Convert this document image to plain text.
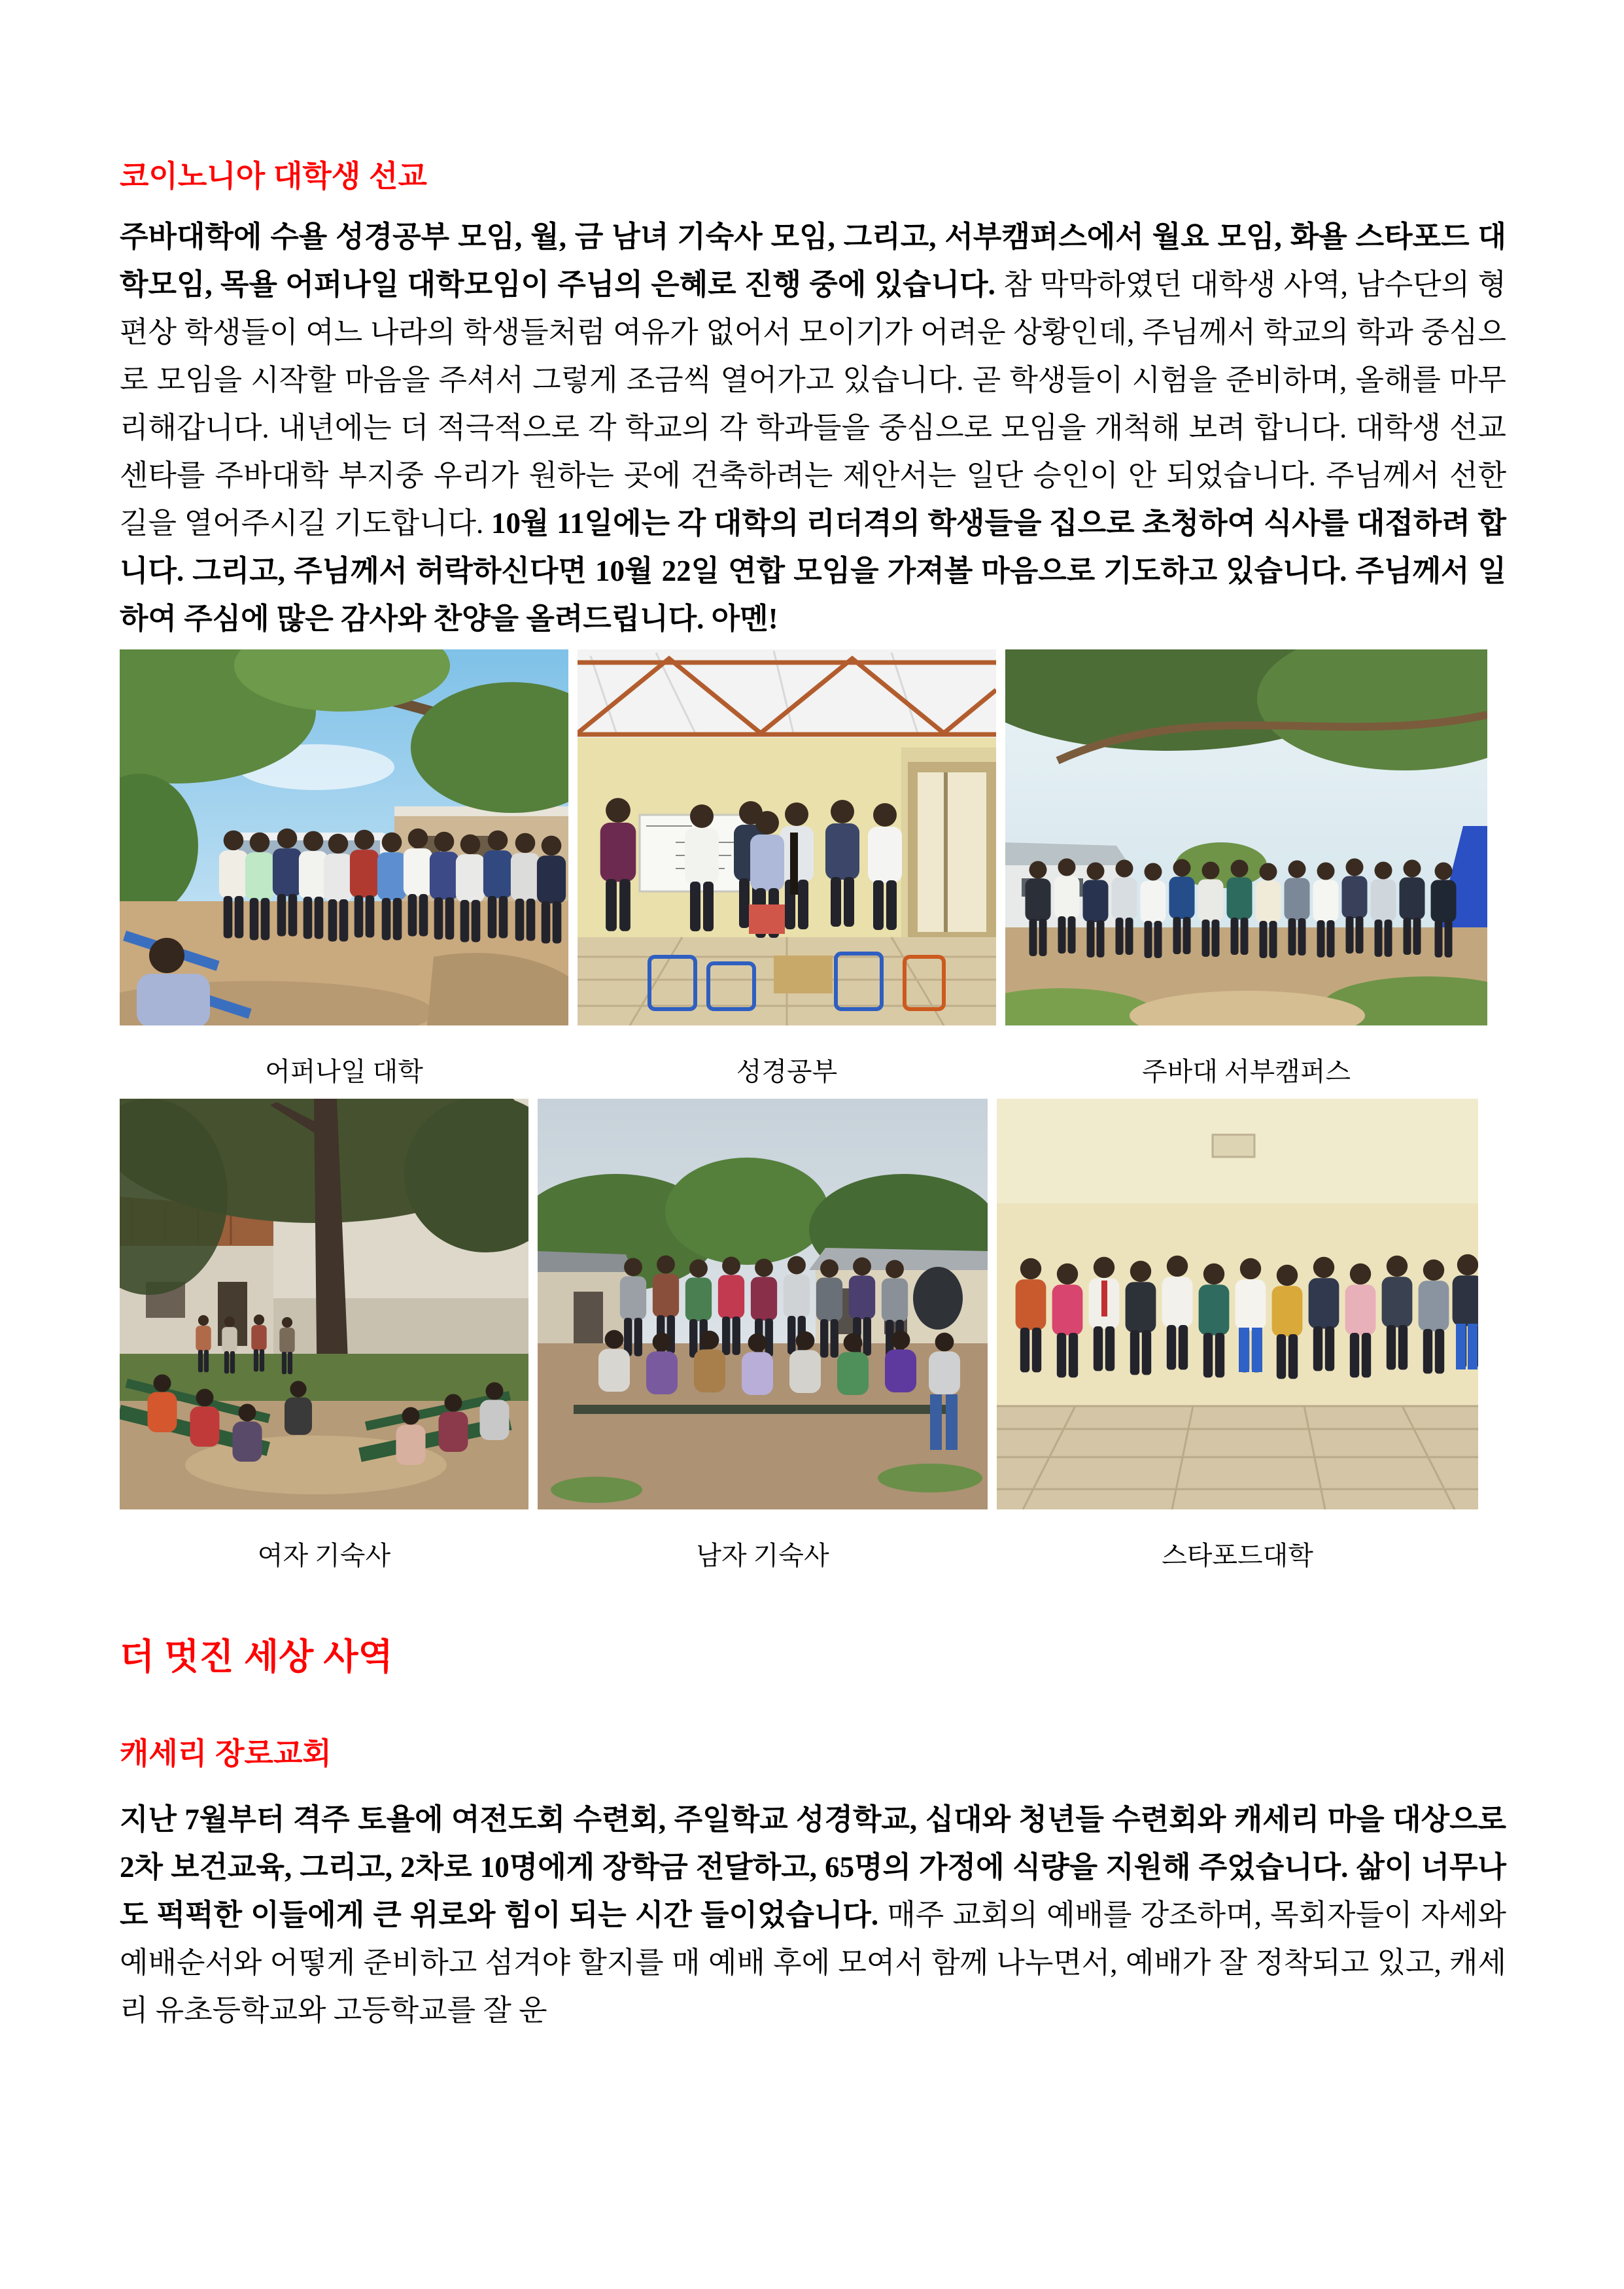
코이노니아 대학생 선교

주바대학에 수욜 성경공부 모임, 월, 금 남녀 기숙사 모임, 그리고, 서부캠퍼스에서 월요 모임, 화욜 스타포드 대학모임, 목욜 어퍼나일 대학모임이 주님의 은혜로 진행 중에 있습니다. 참 막막하였던 대학생 사역, 남수단의 형편상 학생들이 여느 나라의 학생들처럼 여유가 없어서 모이기가 어려운 상황인데, 주님께서 학교의 학과 중심으로 모임을 시작할 마음을 주셔서 그렇게 조금씩 열어가고 있습니다. 곧 학생들이 시험을 준비하며, 올해를 마무리해갑니다. 내년에는 더 적극적으로 각 학교의 각 학과들을 중심으로 모임을 개척해 보려 합니다. 대학생 선교센타를 주바대학 부지중 우리가 원하는 곳에 건축하려는 제안서는 일단 승인이 안 되었습니다. 주님께서 선한 길을 열어주시길 기도합니다. 10월 11일에는 각 대학의 리더격의 학생들을 집으로 초청하여 식사를 대접하려 합니다. 그리고, 주님께서 허락하신다면 10월 22일 연합 모임을 가져볼 마음으로 기도하고 있습니다. 주님께서 일하여 주심에 많은 감사와 찬양을 올려드립니다. 아멘!

어퍼나일 대학	성경공부	주바대 서부캠퍼스
여자 기숙사	남자 기숙사	스타포드대학
더 멋진 세상 사역
캐세리 장로교회

지난 7월부터 격주 토욜에 여전도회 수련회, 주일학교 성경학교, 십대와 청년들 수련회와 캐세리 마을 대상으로 2차 보건교육, 그리고, 2차로 10명에게 장학금 전달하고, 65명의 가정에 식량을 지원해 주었습니다. 삶이 너무나도 퍽퍽한 이들에게 큰 위로와 힘이 되는 시간 들이었습니다. 매주 교회의 예배를 강조하며, 목회자들이 자세와 예배순서와 어떻게 준비하고 섬겨야 할지를 매 예배 후에 모여서 함께 나누면서, 예배가 잘 정착되고 있고, 캐세리 유초등학교와 고등학교를 잘 운
